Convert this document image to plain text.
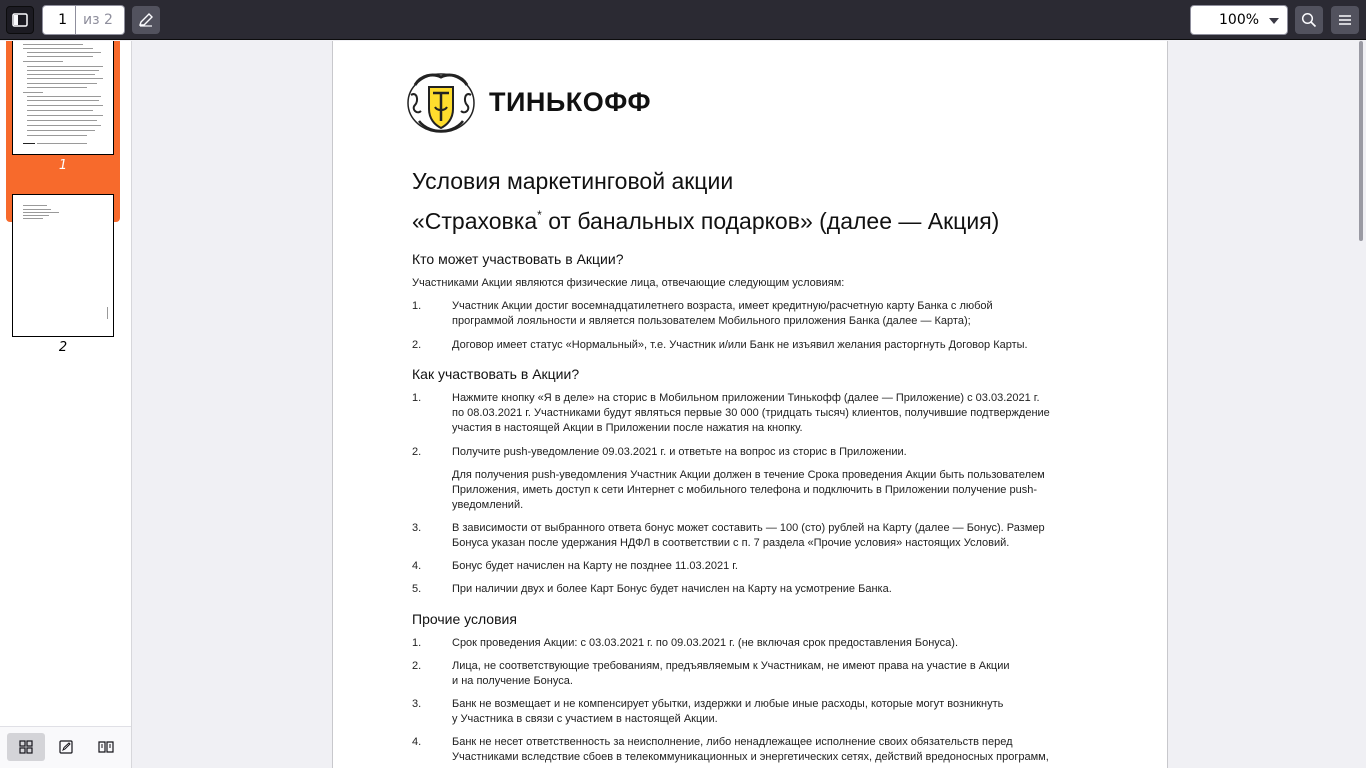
1	из 2	100%
1
2
ТИНЬКОФФ
Условия маркетинговой акции
«Страховка* от банальных подарков» (далее — Акция)
Кто может участвовать в Акции?
Участниками Акции являются физические лица, отвечающие следующим условиям:
1.	Участник Акции достиг восемнадцатилетнего возраста, имеет кредитную/расчетную карту Банка с любой
программой лояльности и является пользователем Мобильного приложения Банка (далее — Карта);
2.	Договор имеет статус «Нормальный», т.е. Участник и/или Банк не изъявил желания расторгнуть Договор Карты.
Как участвовать в Акции?
1.	Нажмите кнопку «Я в деле» на сторис в Мобильном приложении Тинькофф (далее — Приложение) с 03.03.2021 г.
по 08.03.2021 г. Участниками будут являться первые 30 000 (тридцать тысяч) клиентов, получившие подтверждение
участия в настоящей Акции в Приложении после нажатия на кнопку.
2.	Получите push-уведомление 09.03.2021 г. и ответьте на вопрос из сторис в Приложении.
Для получения push-уведомления Участник Акции должен в течение Срока проведения Акции быть пользователем
Приложения, иметь доступ к сети Интернет с мобильного телефона и подключить в Приложении получение push-
уведомлений.
3.	В зависимости от выбранного ответа бонус может составить — 100 (сто) рублей на Карту (далее — Бонус). Размер
Бонуса указан после удержания НДФЛ в соответствии с п. 7 раздела «Прочие условия» настоящих Условий.
4.	Бонус будет начислен на Карту не позднее 11.03.2021 г.
5.	При наличии двух и более Карт Бонус будет начислен на Карту на усмотрение Банка.
Прочие условия
1.	Срок проведения Акции: с 03.03.2021 г. по 09.03.2021 г. (не включая срок предоставления Бонуса).
2.	Лица, не соответствующие требованиям, предъявляемым к Участникам, не имеют права на участие в Акции
и на получение Бонуса.
3.	Банк не возмещает и не компенсирует убытки, издержки и любые иные расходы, которые могут возникнуть
у Участника в связи с участием в настоящей Акции.
4.	Банк не несет ответственность за неисполнение, либо ненадлежащее исполнение своих обязательств перед
Участниками вследствие сбоев в телекоммуникационных и энергетических сетях, действий вредоносных программ,
